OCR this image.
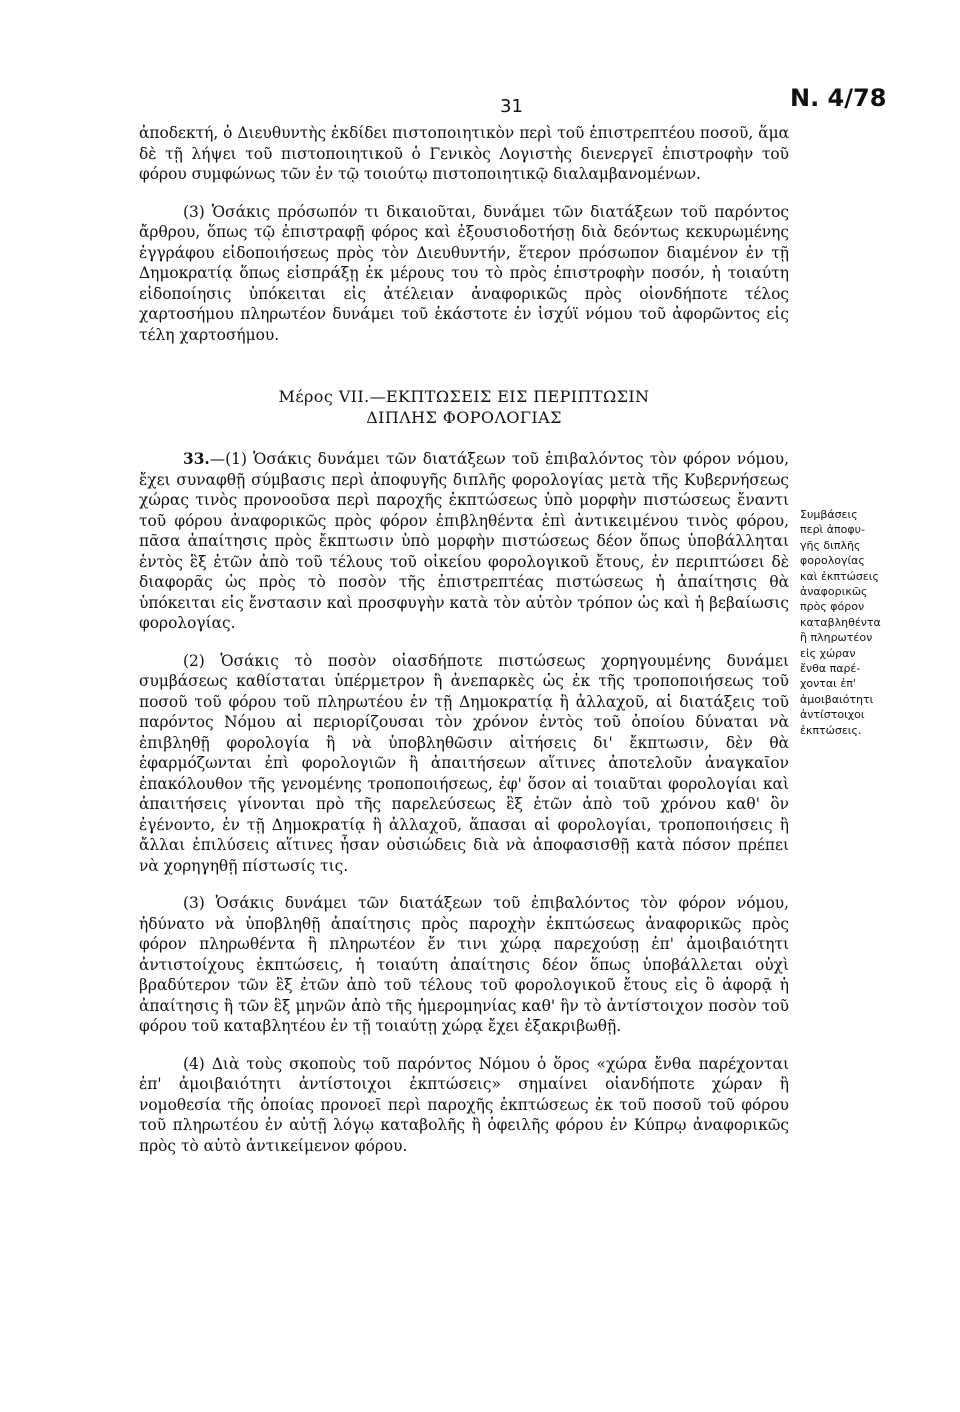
31	Ν. 4/78

ἀποδεκτή, ὁ Διευθυντὴς ἐκδίδει πιστοποιητικὸν περὶ τοῦ ἐπιστρεπτέου ποσοῦ, ἅμα δὲ τῇ λήψει τοῦ πιστοποιητικοῦ ὁ Γενικὸς Λογιστὴς διενεργεῖ ἐπιστροφὴν τοῦ φόρου συμφώνως τῶν ἐν τῷ τοιούτῳ πιστοποιητικῷ διαλαμβανομένων.

(3) Ὁσάκις πρόσωπόν τι δικαιοῦται, δυνάμει τῶν διατάξεων τοῦ παρόντος ἄρθρου, ὅπως τῷ ἐπιστραφῇ φόρος καὶ ἐξουσιοδοτήσῃ διὰ δεόντως κεκυρωμένης ἐγγράφου εἰδοποιήσεως πρὸς τὸν Διευθυντήν, ἕτερον πρόσωπον διαμένον ἐν τῇ Δημοκρατίᾳ ὅπως εἰσπράξῃ ἐκ μέρους του τὸ πρὸς ἐπιστροφὴν ποσόν, ἡ τοιαύτη εἰδοποίησις ὑπόκειται εἰς ἀτέλειαν ἀναφορικῶς πρὸς οἱονδήποτε τέλος χαρτοσήμου πληρωτέον δυνάμει τοῦ ἑκάστοτε ἐν ἰσχύϊ νόμου τοῦ ἀφορῶντος εἰς τέλη χαρτοσήμου.

Μέρος VII.—ΕΚΠΤΩΣΕΙΣ ΕΙΣ ΠΕΡΙΠΤΩΣΙΝ
ΔΙΠΛΗΣ ΦΟΡΟΛΟΓΙΑΣ

33.—(1) Ὁσάκις δυνάμει τῶν διατάξεων τοῦ ἐπιβαλόντος τὸν φόρον νόμου, ἔχει συναφθῇ σύμβασις περὶ ἀποφυγῆς διπλῆς φορολογίας μετὰ τῆς Κυβερνήσεως χώρας τινὸς προνοοῦσα περὶ παροχῆς ἐκπτώσεως ὑπὸ μορφὴν πιστώσεως ἔναντι τοῦ φόρου ἀναφορικῶς πρὸς φόρον ἐπιβληθέντα ἐπὶ ἀντικειμένου τινὸς φόρου, πᾶσα ἀπαίτησις πρὸς ἔκπτωσιν ὑπὸ μορφὴν πιστώσεως δέον ὅπως ὑποβάλληται ἐντὸς ἓξ ἐτῶν ἀπὸ τοῦ τέλους τοῦ οἰκείου φορολογικοῦ ἔτους, ἐν περιπτώσει δὲ διαφορᾶς ὡς πρὸς τὸ ποσὸν τῆς ἐπιστρεπτέας πιστώσεως ἡ ἀπαίτησις θὰ ὑπόκειται εἰς ἔνστασιν καὶ προσφυγὴν κατὰ τὸν αὐτὸν τρόπον ὡς καὶ ἡ βεβαίωσις φορολογίας.

(2) Ὁσάκις τὸ ποσὸν οἱασδήποτε πιστώσεως χορηγουμένης δυνάμει συμβάσεως καθίσταται ὑπέρμετρον ἢ ἀνεπαρκὲς ὡς ἐκ τῆς τροποποιήσεως τοῦ ποσοῦ τοῦ φόρου τοῦ πληρωτέου ἐν τῇ Δημοκρατίᾳ ἢ ἀλλαχοῦ, αἱ διατάξεις τοῦ παρόντος Νόμου αἱ περιορίζουσαι τὸν χρόνον ἐντὸς τοῦ ὁποίου δύναται νὰ ἐπιβληθῇ φορολογία ἢ νὰ ὑποβληθῶσιν αἰτήσεις δι' ἔκπτωσιν, δὲν θὰ ἐφαρμόζωνται ἐπὶ φορολογιῶν ἢ ἀπαιτήσεων αἵτινες ἀποτελοῦν ἀναγκαῖον ἐπακόλουθον τῆς γενομένης τροποποιήσεως, ἐφ' ὅσον αἱ τοιαῦται φορολογίαι καὶ ἀπαιτήσεις γίνονται πρὸ τῆς παρελεύσεως ἓξ ἐτῶν ἀπὸ τοῦ χρόνου καθ' ὃν ἐγένοντο, ἐν τῇ Δημοκρατίᾳ ἢ ἀλλαχοῦ, ἅπασαι αἱ φορολογίαι, τροποποιήσεις ἢ ἄλλαι ἐπιλύσεις αἵτινες ἦσαν οὐσιώδεις διὰ νὰ ἀποφασισθῇ κατὰ πόσον πρέπει νὰ χορηγηθῇ πίστωσίς τις.

(3) Ὁσάκις δυνάμει τῶν διατάξεων τοῦ ἐπιβαλόντος τὸν φόρον νόμου, ἠδύνατο νὰ ὑποβληθῇ ἀπαίτησις πρὸς παροχὴν ἐκπτώσεως ἀναφορικῶς πρὸς φόρον πληρωθέντα ἢ πληρωτέον ἔν τινι χώρᾳ παρεχούσῃ ἐπ' ἀμοιβαιότητι ἀντιστοίχους ἐκπτώσεις, ἡ τοιαύτη ἀπαίτησις δέον ὅπως ὑποβάλλεται οὐχὶ βραδύτερον τῶν ἓξ ἐτῶν ἀπὸ τοῦ τέλους τοῦ φορολογικοῦ ἔτους εἰς ὃ ἀφορᾷ ἡ ἀπαίτησις ἢ τῶν ἓξ μηνῶν ἀπὸ τῆς ἡμερομηνίας καθ' ἣν τὸ ἀντίστοιχον ποσὸν τοῦ φόρου τοῦ καταβλητέου ἐν τῇ τοιαύτῃ χώρᾳ ἔχει ἐξακριβωθῇ.

(4) Διὰ τοὺς σκοποὺς τοῦ παρόντος Νόμου ὁ ὅρος «χώρα ἔνθα παρέχονται ἐπ' ἀμοιβαιότητι ἀντίστοιχοι ἐκπτώσεις» σημαίνει οἱανδήποτε χώραν ἢ νομοθεσία τῆς ὁποίας προνοεῖ περὶ παροχῆς ἐκπτώσεως ἐκ τοῦ ποσοῦ τοῦ φόρου τοῦ πληρωτέου ἐν αὐτῇ λόγῳ καταβολῆς ἢ ὀφειλῆς φόρου ἐν Κύπρῳ ἀναφορικῶς πρὸς τὸ αὐτὸ ἀντικείμενον φόρου.

Συμβάσεις
περὶ ἀποφυ-
γῆς διπλῆς
φορολογίας
καὶ ἐκπτώσεις
ἀναφορικῶς
πρὸς φόρον
καταβληθέντα
ἢ πληρωτέον
εἰς χώραν
ἔνθα παρέ-
χονται ἐπ'
ἀμοιβαιότητι
ἀντίστοιχοι
ἐκπτώσεις.
